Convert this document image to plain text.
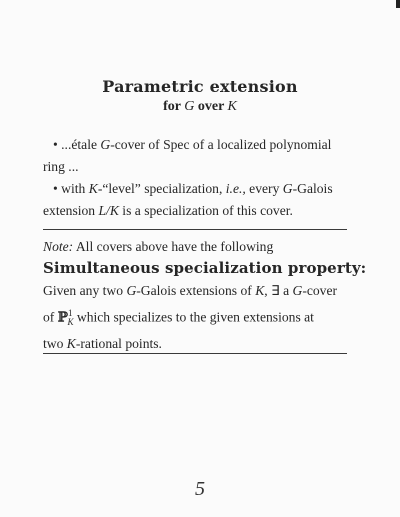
Parametric extension
for G over K
• ...étale G-cover of Spec of a localized polynomial
ring ...
• with K-“level” specialization, i.e., every G-Galois
extension L/K is a specialization of this cover.
Note: All covers above have the following
Simultaneous specialization property:
Given any two G-Galois extensions of K, ∃ a G-cover
of ℙ$^1_K$ which specializes to the given extensions at
two K-rational points.
5
